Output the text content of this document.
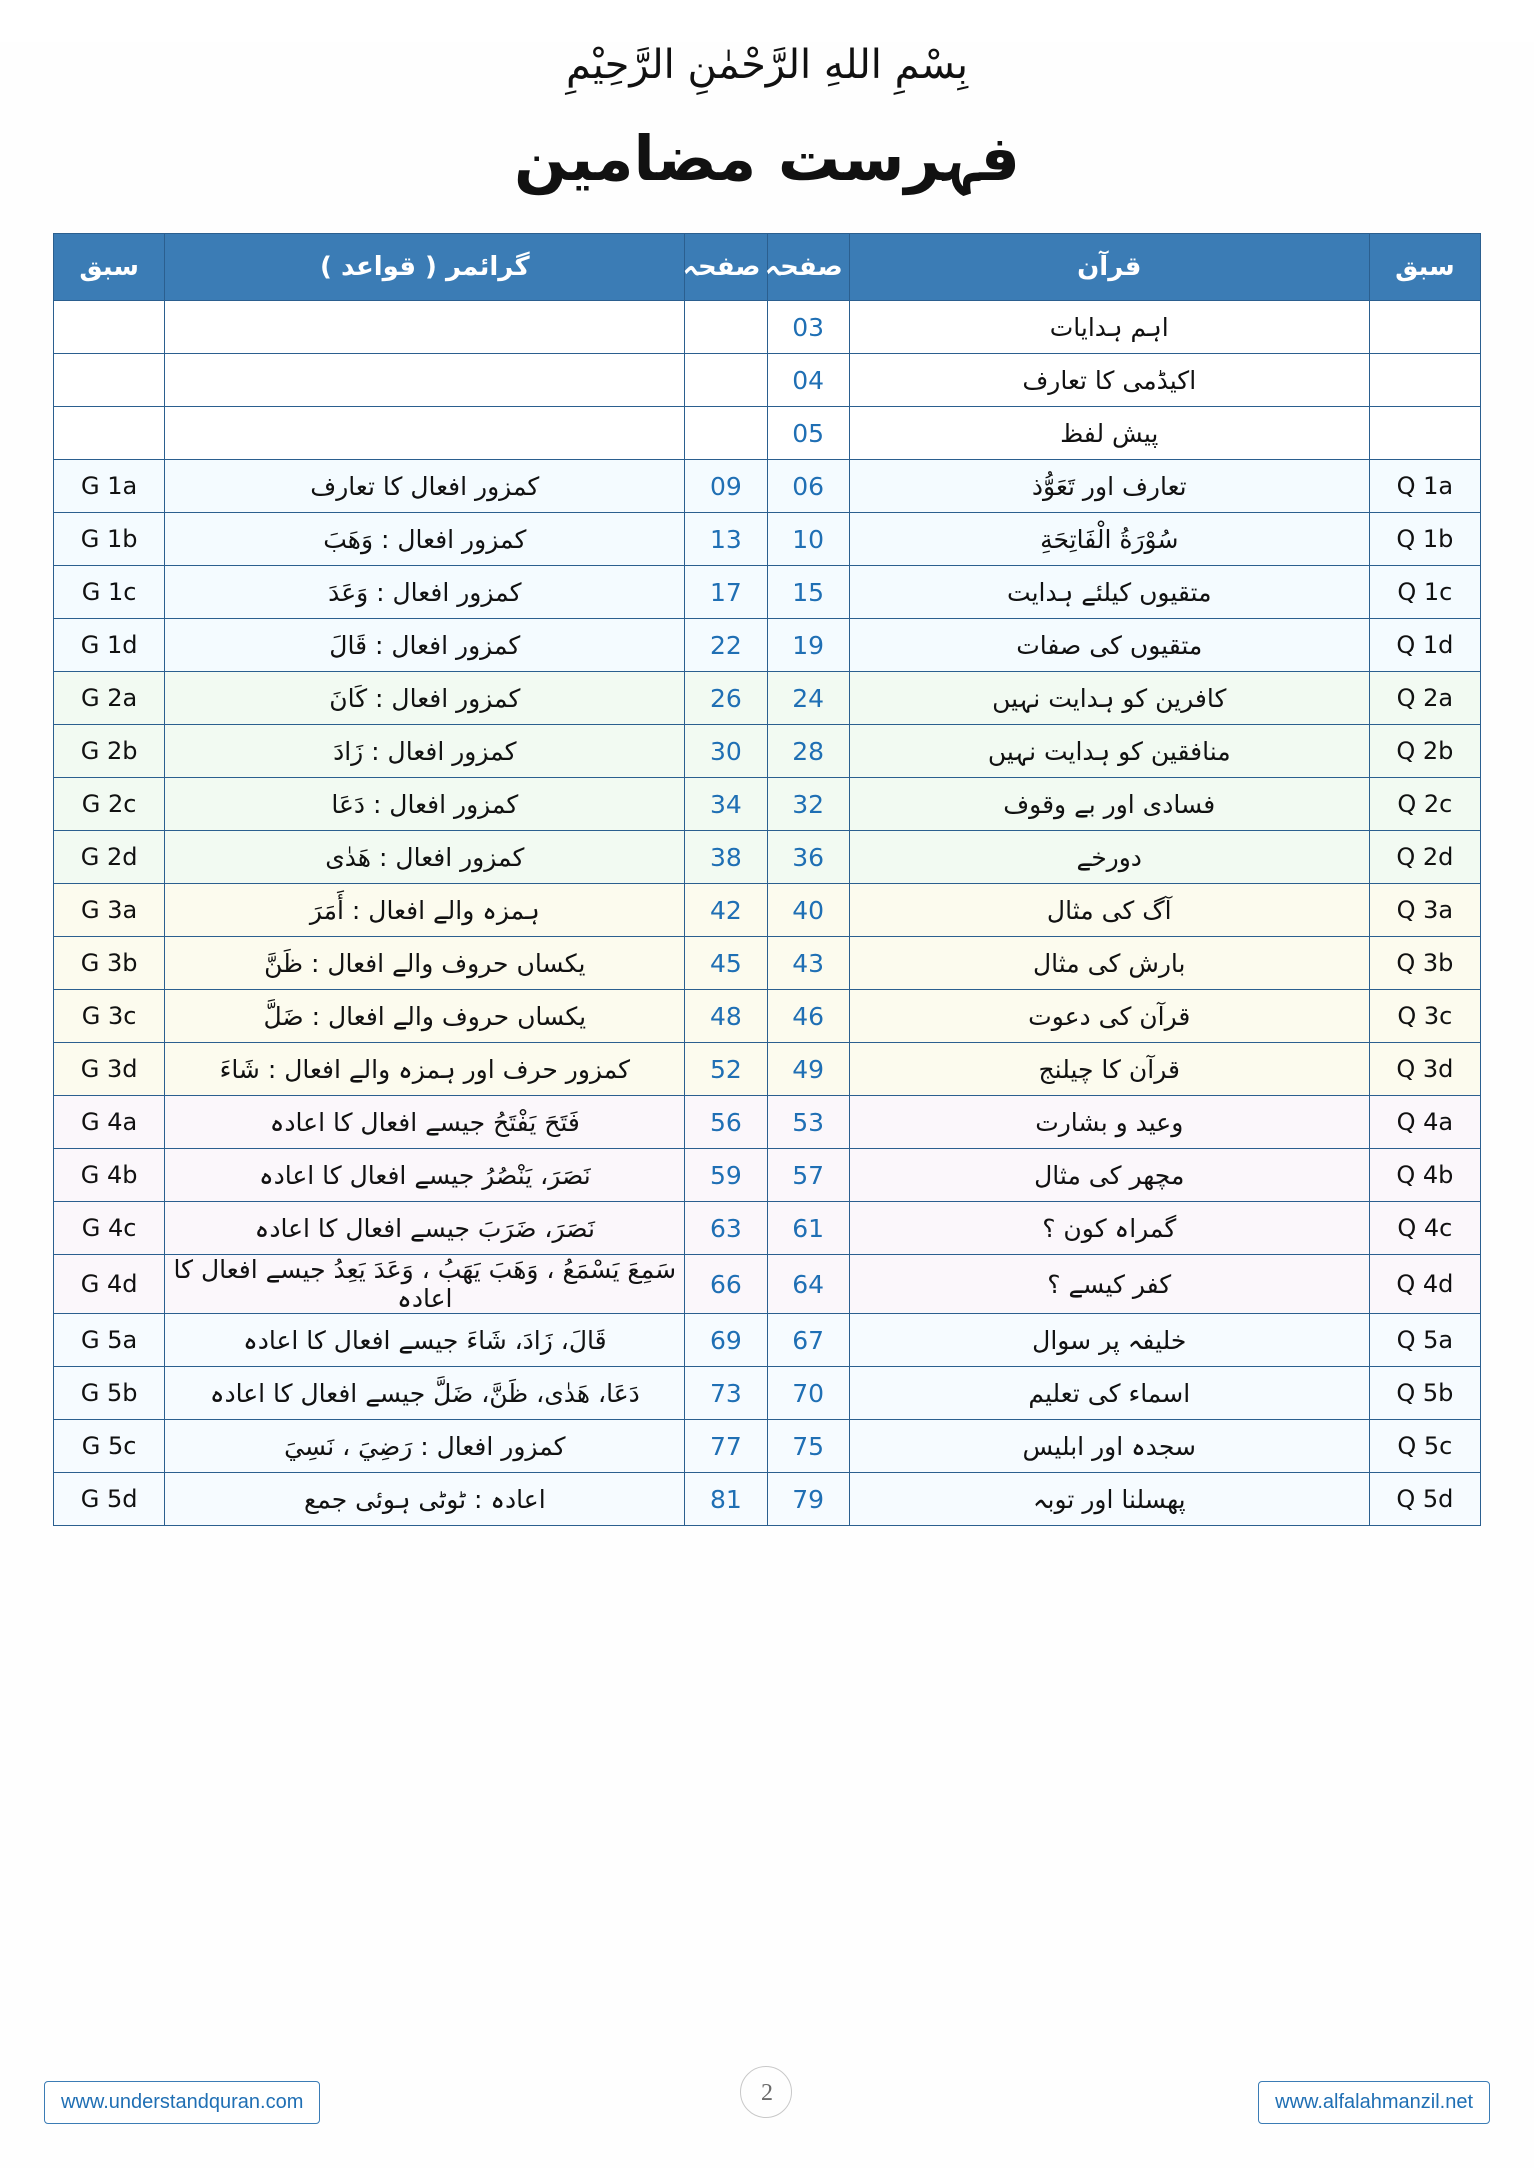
بِسْمِ اللهِ الرَّحْمٰنِ الرَّحِيْمِ
فہرست مضامین
سبق	قرآن	صفحہ	صفحہ	گرائمر ( قواعد )	سبق
	اہم ہدایات	03			
	اکیڈمی کا تعارف	04			
	پیش لفظ	05			
Q 1a	تعارف اور تَعَوُّذ	06	09	کمزور افعال کا تعارف	G 1a
Q 1b	سُوْرَةُ الْفَاتِحَةِ	10	13	کمزور افعال : وَهَبَ	G 1b
Q 1c	متقیوں کیلئے ہدایت	15	17	کمزور افعال : وَعَدَ	G 1c
Q 1d	متقیوں کی صفات	19	22	کمزور افعال : قَالَ	G 1d
Q 2a	کافرین کو ہدایت نہیں	24	26	کمزور افعال : كَانَ	G 2a
Q 2b	منافقین کو ہدایت نہیں	28	30	کمزور افعال : زَادَ	G 2b
Q 2c	فسادی اور بے وقوف	32	34	کمزور افعال : دَعَا	G 2c
Q 2d	دورخے	36	38	کمزور افعال : هَدٰى	G 2d
Q 3a	آگ کی مثال	40	42	ہمزہ والے افعال : أَمَرَ	G 3a
Q 3b	بارش کی مثال	43	45	یکساں حروف والے افعال : ظَنَّ	G 3b
Q 3c	قرآن کی دعوت	46	48	یکساں حروف والے افعال : ضَلَّ	G 3c
Q 3d	قرآن کا چیلنج	49	52	کمزور حرف اور ہمزہ والے افعال : شَاءَ	G 3d
Q 4a	وعید و بشارت	53	56	فَتَحَ يَفْتَحُ جیسے افعال کا اعادہ	G 4a
Q 4b	مچھر کی مثال	57	59	نَصَرَ، يَنْصُرُ جیسے افعال کا اعادہ	G 4b
Q 4c	گمراہ کون ؟	61	63	نَصَرَ، ضَرَبَ جیسے افعال کا اعادہ	G 4c
Q 4d	کفر کیسے ؟	64	66	سَمِعَ يَسْمَعُ ، وَهَبَ يَهَبُ ، وَعَدَ يَعِدُ جیسے افعال کا اعادہ	G 4d
Q 5a	خلیفہ پر سوال	67	69	قَالَ، زَادَ، شَاءَ جیسے افعال کا اعادہ	G 5a
Q 5b	اسماء کی تعلیم	70	73	دَعَا، هَدٰى، ظَنَّ، ضَلَّ جیسے افعال کا اعادہ	G 5b
Q 5c	سجدہ اور ابلیس	75	77	کمزور افعال : رَضِيَ ، نَسِيَ	G 5c
Q 5d	پھسلنا اور توبہ	79	81	اعادہ : ٹوٹی ہوئی جمع	G 5d
www.understandquran.com	2	www.alfalahmanzil.net
